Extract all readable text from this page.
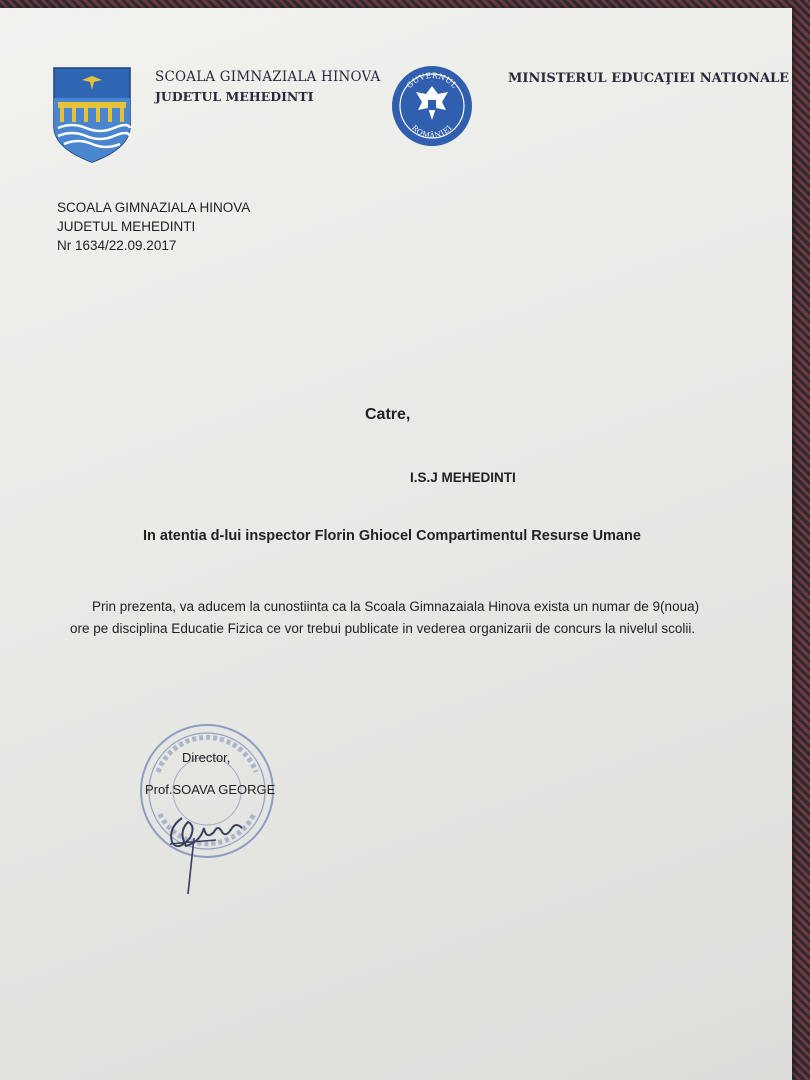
SCOALA GIMNAZIALA HINOVA
JUDETUL MEHEDINTI
GUVERNUL
ROMÂNIEI
MINISTERUL EDUCAŢIEI NATIONALE
SCOALA GIMNAZIALA HINOVA
JUDETUL MEHEDINTI
Nr 1634/22.09.2017
Catre,
I.S.J MEHEDINTI
In atentia d-lui inspector Florin Ghiocel Compartimentul Resurse Umane
Prin prezenta, va aducem la cunostiinta ca la Scoala Gimnazaiala Hinova exista un numar de 9(noua)
ore pe disciplina Educatie Fizica ce vor trebui publicate in vederea organizarii de concurs la nivelul scolii.
Director,
Prof.SOAVA GEORGE
